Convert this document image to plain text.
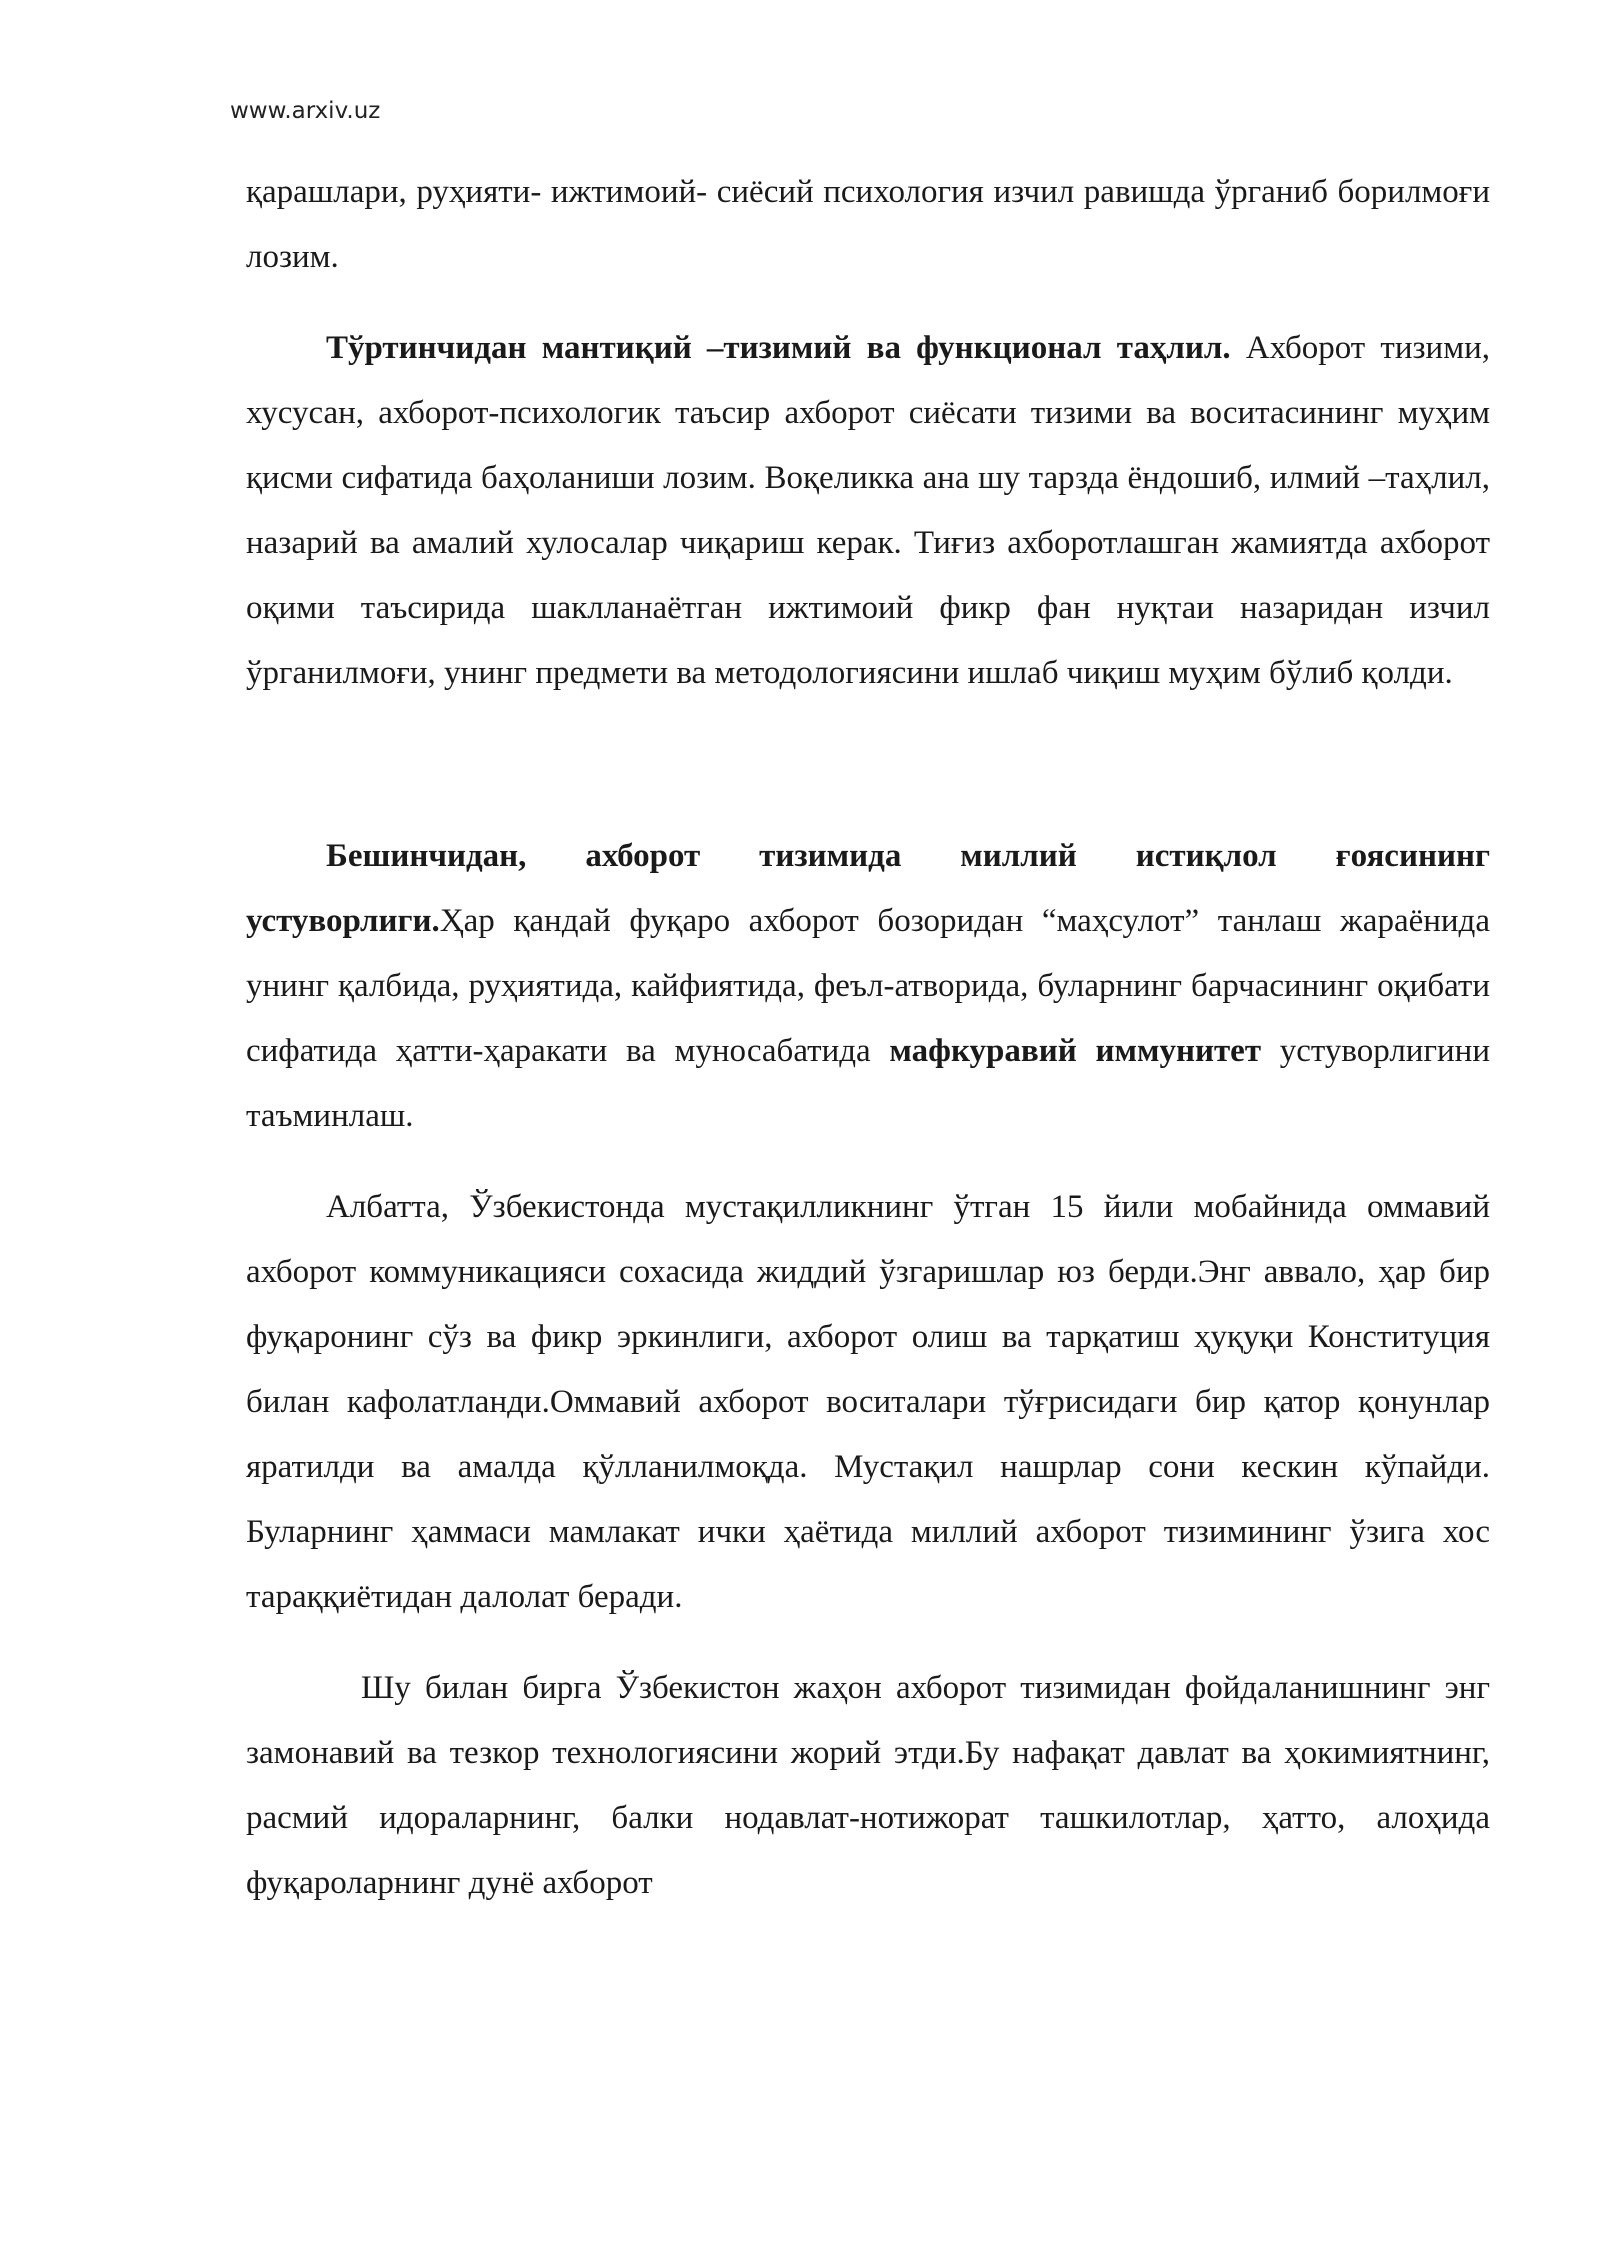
www.arxiv.uz

қарашлари, руҳияти- ижтимоий- сиёсий психология изчил равишда ўрганиб борилмоғи лозим.

Тўртинчидан мантиқий –тизимий ва функционал таҳлил. Ахборот тизими, хусусан, ахборот-психологик таъсир ахборот сиёсати тизими ва воситасининг муҳим қисми сифатида баҳоланиши лозим. Воқеликка ана шу тарзда ёндошиб, илмий –таҳлил, назарий ва амалий хулосалар чиқариш керак. Тиғиз ахборотлашган жамиятда ахборот оқими таъсирида шаклланаётган ижтимоий фикр фан нуқтаи назаридан изчил ўрганилмоғи, унинг предмети ва методологиясини ишлаб чиқиш муҳим бўлиб қолди.

Бешинчидан, ахборот тизимида миллий истиқлол ғоясининг устуворлиги.Ҳар қандай фуқаро ахборот бозоридан “маҳсулот” танлаш жараёнида унинг қалбида, руҳиятида, кайфиятида, феъл-атворида, буларнинг барчасининг оқибати сифатида ҳатти-ҳаракати ва муносабатида мафкуравий иммунитет устуворлигини таъминлаш.

Албатта, Ўзбекистонда мустақилликнинг ўтган 15 йили мобайнида оммавий ахборот коммуникацияси сохасида жиддий ўзгаришлар юз берди.Энг аввало, ҳар бир фуқаронинг сўз ва фикр эркинлиги, ахборот олиш ва тарқатиш ҳуқуқи Конституция билан кафолатланди.Оммавий ахборот воситалари тўғрисидаги бир қатор қонунлар яратилди ва амалда қўлланилмоқда. Мустақил нашрлар сони кескин кўпайди. Буларнинг ҳаммаси мамлакат ички ҳаётида миллий ахборот тизимининг ўзига хос тараққиётидан далолат беради.

Шу билан бирга Ўзбекистон жаҳон ахборот тизимидан фойдаланишнинг энг замонавий ва тезкор технологиясини жорий этди.Бу нафақат давлат ва ҳокимиятнинг, расмий идораларнинг, балки нодавлат-нотижорат ташкилотлар, ҳатто, алоҳида фуқароларнинг дунё ахборот
